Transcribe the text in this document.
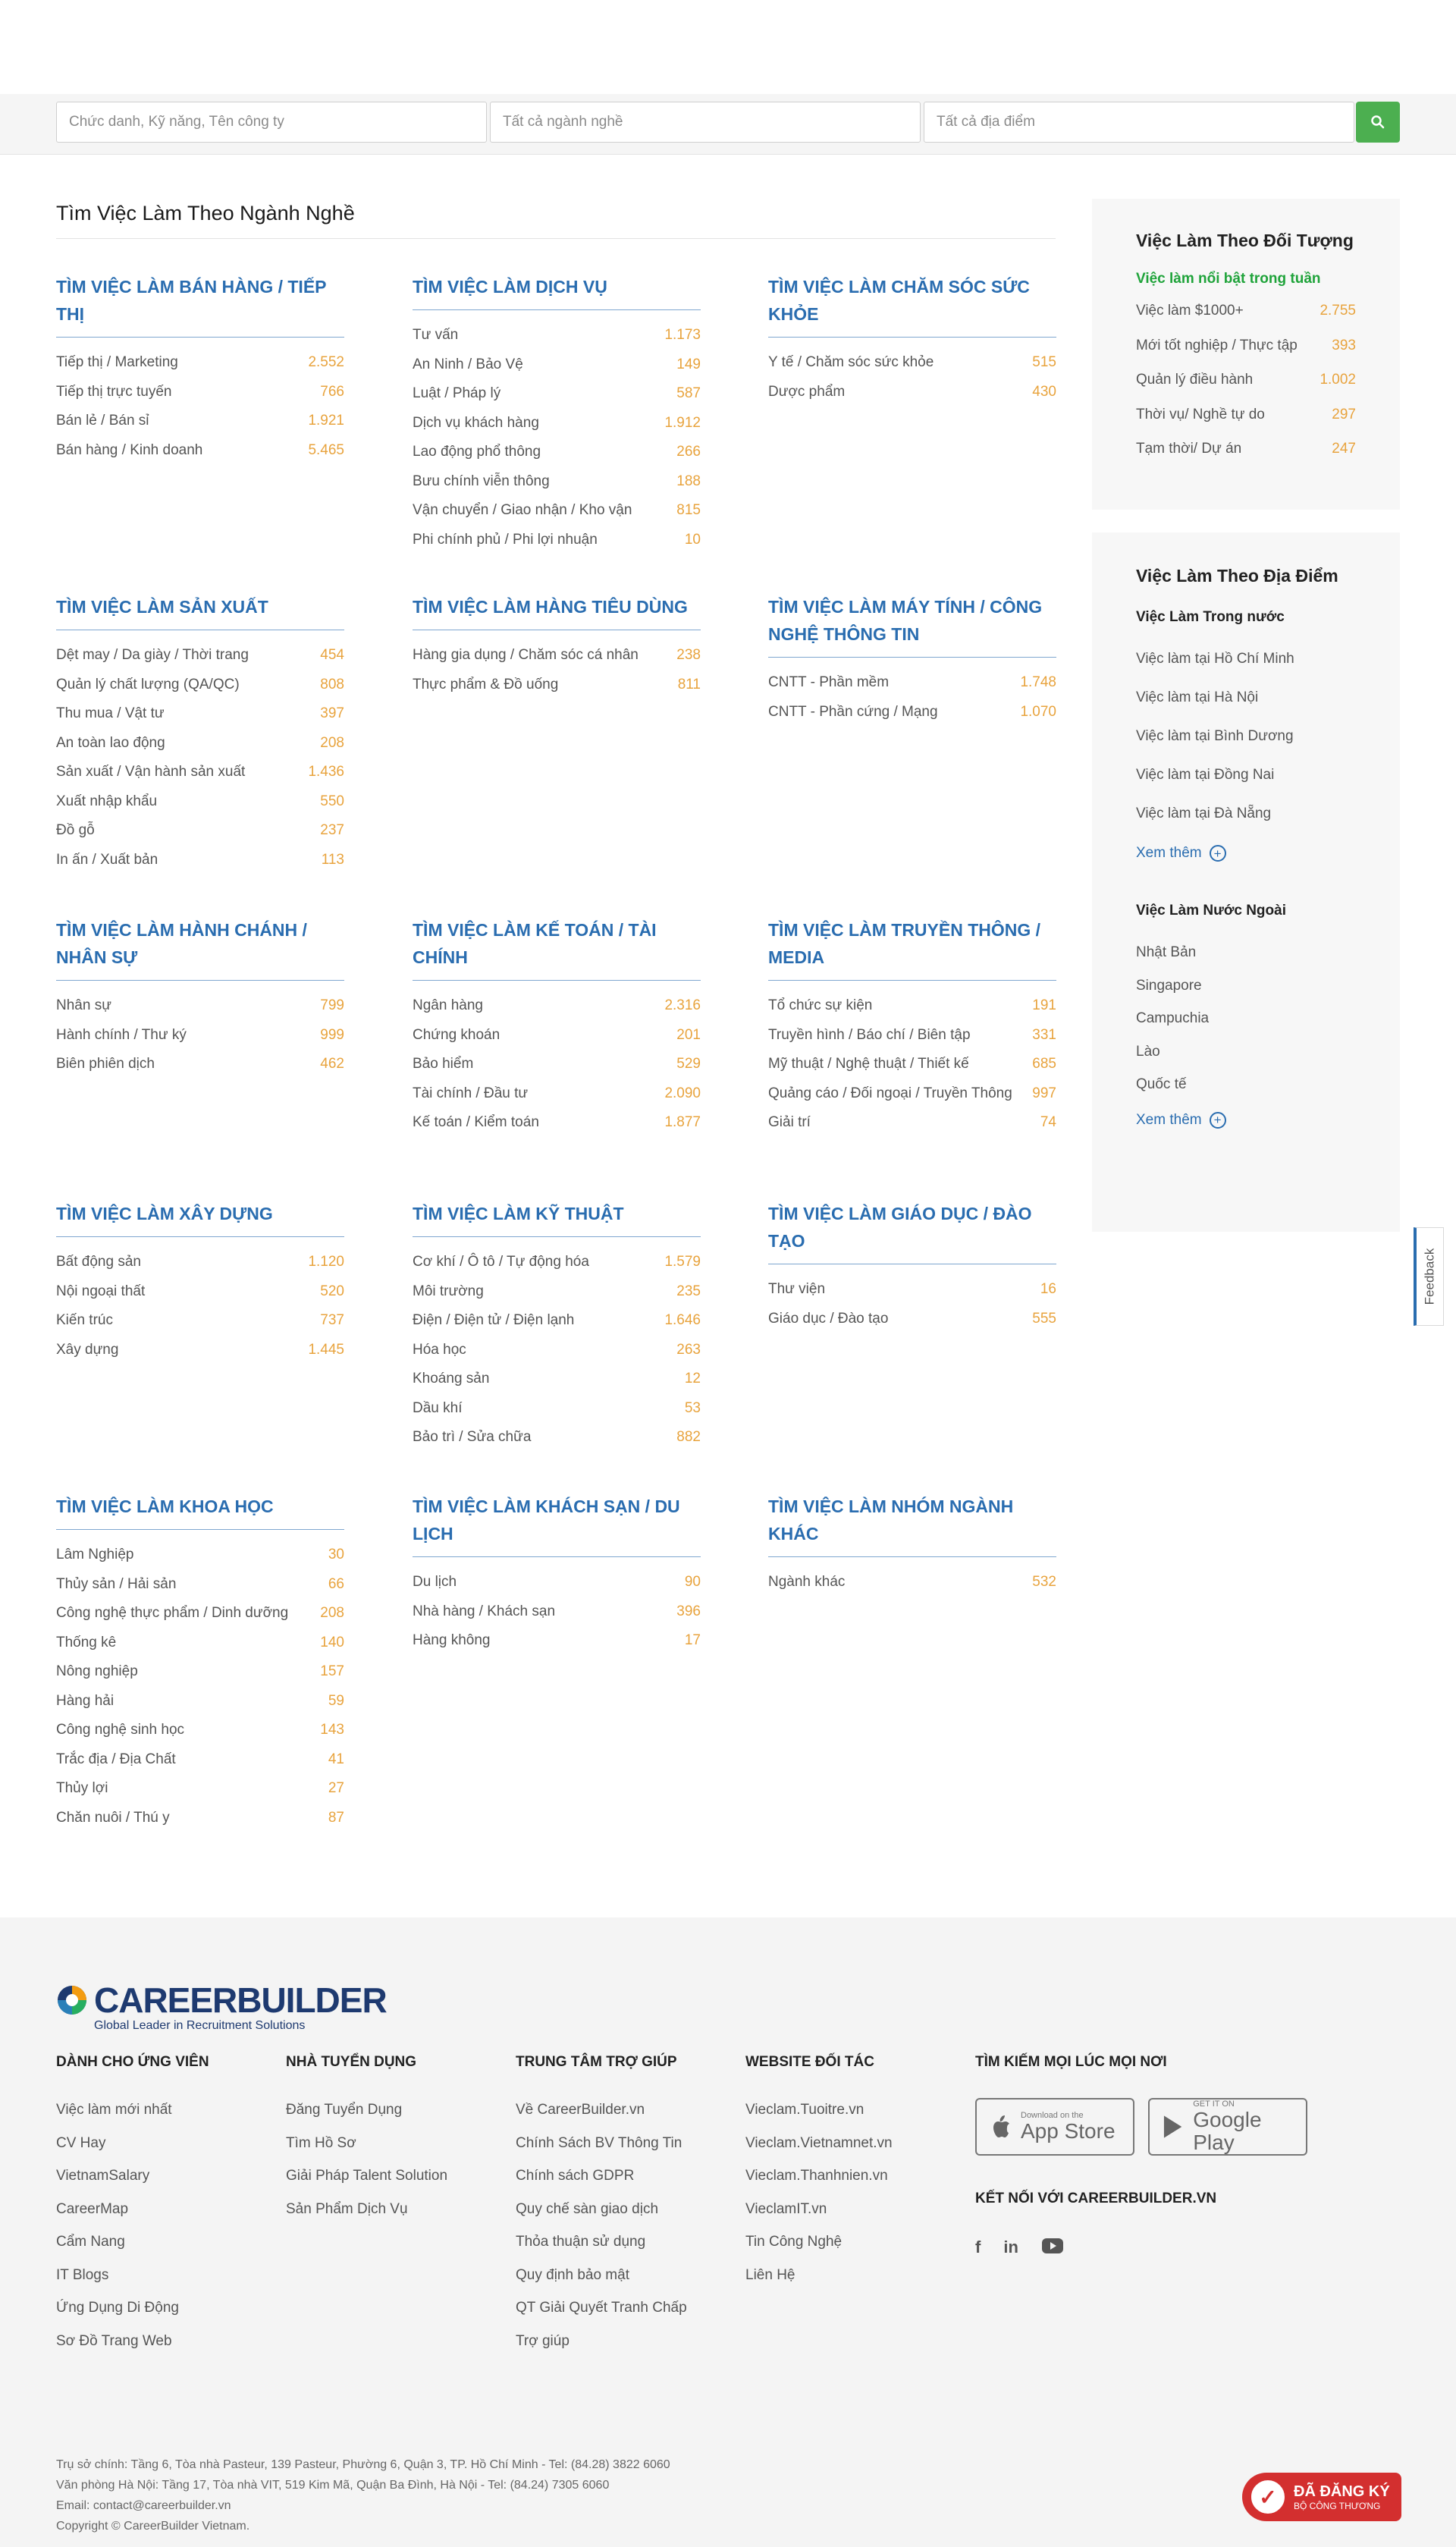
Chức danh, Kỹ năng, Tên công ty	Tất cả ngành nghề	Tất cả địa điểm
Tìm Việc Làm Theo Ngành Nghề
TÌM VIỆC LÀM BÁN HÀNG / TIẾP THỊ
Tiếp thị / Marketing	2.552
Tiếp thị trực tuyến	766
Bán lẻ / Bán sỉ	1.921
Bán hàng / Kinh doanh	5.465
TÌM VIỆC LÀM DỊCH VỤ
Tư vấn	1.173
An Ninh / Bảo Vệ	149
Luật / Pháp lý	587
Dịch vụ khách hàng	1.912
Lao động phổ thông	266
Bưu chính viễn thông	188
Vận chuyển / Giao nhận / Kho vận	815
Phi chính phủ / Phi lợi nhuận	10
TÌM VIỆC LÀM CHĂM SÓC SỨC KHỎE
Y tế / Chăm sóc sức khỏe	515
Dược phẩm	430
TÌM VIỆC LÀM SẢN XUẤT
Dệt may / Da giày / Thời trang	454
Quản lý chất lượng (QA/QC)	808
Thu mua / Vật tư	397
An toàn lao động	208
Sản xuất / Vận hành sản xuất	1.436
Xuất nhập khẩu	550
Đồ gỗ	237
In ấn / Xuất bản	113
TÌM VIỆC LÀM HÀNG TIÊU DÙNG
Hàng gia dụng / Chăm sóc cá nhân	238
Thực phẩm & Đồ uống	811
TÌM VIỆC LÀM MÁY TÍNH / CÔNG NGHỆ THÔNG TIN
CNTT - Phần mềm	1.748
CNTT - Phần cứng / Mạng	1.070
TÌM VIỆC LÀM HÀNH CHÁNH / NHÂN SỰ
Nhân sự	799
Hành chính / Thư ký	999
Biên phiên dịch	462
TÌM VIỆC LÀM KẾ TOÁN / TÀI CHÍNH
Ngân hàng	2.316
Chứng khoán	201
Bảo hiểm	529
Tài chính / Đầu tư	2.090
Kế toán / Kiểm toán	1.877
TÌM VIỆC LÀM TRUYỀN THÔNG / MEDIA
Tổ chức sự kiện	191
Truyền hình / Báo chí / Biên tập	331
Mỹ thuật / Nghệ thuật / Thiết kế	685
Quảng cáo / Đối ngoại / Truyền Thông	997
Giải trí	74
TÌM VIỆC LÀM XÂY DỰNG
Bất động sản	1.120
Nội ngoại thất	520
Kiến trúc	737
Xây dựng	1.445
TÌM VIỆC LÀM KỸ THUẬT
Cơ khí / Ô tô / Tự động hóa	1.579
Môi trường	235
Điện / Điện tử / Điện lạnh	1.646
Hóa học	263
Khoáng sản	12
Dầu khí	53
Bảo trì / Sửa chữa	882
TÌM VIỆC LÀM GIÁO DỤC / ĐÀO TẠO
Thư viện	16
Giáo dục / Đào tạo	555
TÌM VIỆC LÀM KHOA HỌC
Lâm Nghiệp	30
Thủy sản / Hải sản	66
Công nghệ thực phẩm / Dinh dưỡng	208
Thống kê	140
Nông nghiệp	157
Hàng hải	59
Công nghệ sinh học	143
Trắc địa / Địa Chất	41
Thủy lợi	27
Chăn nuôi / Thú y	87
TÌM VIỆC LÀM KHÁCH SẠN / DU LỊCH
Du lịch	90
Nhà hàng / Khách sạn	396
Hàng không	17
TÌM VIỆC LÀM NHÓM NGÀNH KHÁC
Ngành khác	532
Việc Làm Theo Đối Tượng
Việc làm nổi bật trong tuần
Việc làm $1000+	2.755
Mới tốt nghiệp / Thực tập 393
Quản lý điều hành	1.002
Thời vụ/ Nghề tự do	297
Tạm thời/ Dự án	247
Việc Làm Theo Địa Điểm
Việc Làm Trong nước
Việc làm tại Hồ Chí Minh
Việc làm tại Hà Nội
Việc làm tại Bình Dương
Việc làm tại Đồng Nai
Việc làm tại Đà Nẵng
Xem thêm +
Việc Làm Nước Ngoài
Nhật Bản
Singapore
Campuchia
Lào
Quốc tế
Xem thêm +
Feedback
CAREERBUILDER
Global Leader in Recruitment Solutions
DÀNH CHO ỨNG VIÊN
Việc làm mới nhất
CV Hay
VietnamSalary
CareerMap
Cẩm Nang
IT Blogs
Ứng Dụng Di Động
Sơ Đồ Trang Web
NHÀ TUYỂN DỤNG
Đăng Tuyển Dụng
Tìm Hồ Sơ
Giải Pháp Talent Solution
Sản Phẩm Dịch Vụ
TRUNG TÂM TRỢ GIÚP
Về CareerBuilder.vn
Chính Sách BV Thông Tin
Chính sách GDPR
Quy chế sàn giao dịch
Thỏa thuận sử dụng
Quy định bảo mật
QT Giải Quyết Tranh Chấp
Trợ giúp
WEBSITE ĐỐI TÁC
Vieclam.Tuoitre.vn
Vieclam.Vietnamnet.vn
Vieclam.Thanhnien.vn
VieclamIT.vn
Tin Công Nghệ
Liên Hệ
TÌM KIẾM MỌI LÚC MỌI NƠI
Download on the
App Store
GET IT ON
Google Play
KẾT NỐI VỚI CAREERBUILDER.VN
f in
Trụ sở chính: Tầng 6, Tòa nhà Pasteur, 139 Pasteur, Phường 6, Quận 3, TP. Hồ Chí Minh - Tel: (84.28) 3822 6060
Văn phòng Hà Nội: Tầng 17, Tòa nhà VIT, 519 Kim Mã, Quận Ba Đình, Hà Nội - Tel: (84.24) 7305 6060
Email: contact@careerbuilder.vn
Copyright © CareerBuilder Vietnam.
✓	ĐÃ ĐĂNG KÝ
BỘ CÔNG THƯƠNG
